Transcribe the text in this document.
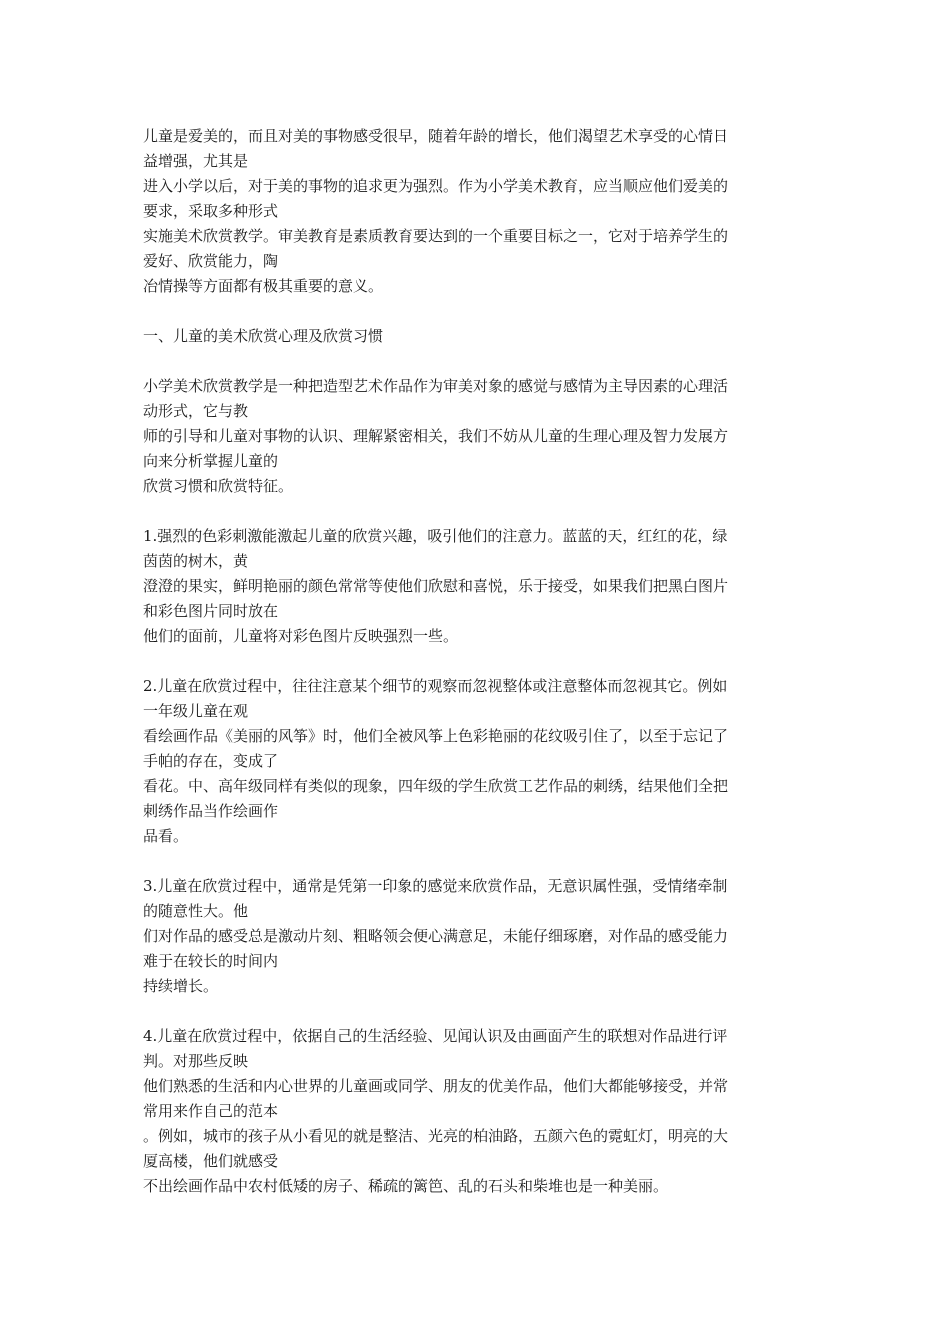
儿童是爱美的，而且对美的事物感受很早，随着年龄的增长，他们渴望艺术享受的心情日
益增强，尤其是
进入小学以后，对于美的事物的追求更为强烈。作为小学美术教育，应当顺应他们爱美的
要求，采取多种形式
实施美术欣赏教学。审美教育是素质教育要达到的一个重要目标之一，它对于培养学生的
爱好、欣赏能力，陶
冶情操等方面都有极其重要的意义。
一、儿童的美术欣赏心理及欣赏习惯
小学美术欣赏教学是一种把造型艺术作品作为审美对象的感觉与感情为主导因素的心理活
动形式，它与教
师的引导和儿童对事物的认识、理解紧密相关，我们不妨从儿童的生理心理及智力发展方
向来分析掌握儿童的
欣赏习惯和欣赏特征。
1.强烈的色彩刺激能激起儿童的欣赏兴趣，吸引他们的注意力。蓝蓝的天，红红的花，绿
茵茵的树木，黄
澄澄的果实，鲜明艳丽的颜色常常等使他们欣慰和喜悦，乐于接受，如果我们把黑白图片
和彩色图片同时放在
他们的面前，儿童将对彩色图片反映强烈一些。
2.儿童在欣赏过程中，往往注意某个细节的观察而忽视整体或注意整体而忽视其它。例如
一年级儿童在观
看绘画作品《美丽的风筝》时，他们全被风筝上色彩艳丽的花纹吸引住了，以至于忘记了
手帕的存在，变成了
看花。中、高年级同样有类似的现象，四年级的学生欣赏工艺作品的刺绣，结果他们全把
刺绣作品当作绘画作
品看。
3.儿童在欣赏过程中，通常是凭第一印象的感觉来欣赏作品，无意识属性强，受情绪牵制
的随意性大。他
们对作品的感受总是激动片刻、粗略领会便心满意足，未能仔细琢磨，对作品的感受能力
难于在较长的时间内
持续增长。
4.儿童在欣赏过程中，依据自己的生活经验、见闻认识及由画面产生的联想对作品进行评
判。对那些反映
他们熟悉的生活和内心世界的儿童画或同学、朋友的优美作品，他们大都能够接受，并常
常用来作自己的范本
。例如，城市的孩子从小看见的就是整洁、光亮的柏油路，五颜六色的霓虹灯，明亮的大
厦高楼，他们就感受
不出绘画作品中农村低矮的房子、稀疏的篱笆、乱的石头和柴堆也是一种美丽。
